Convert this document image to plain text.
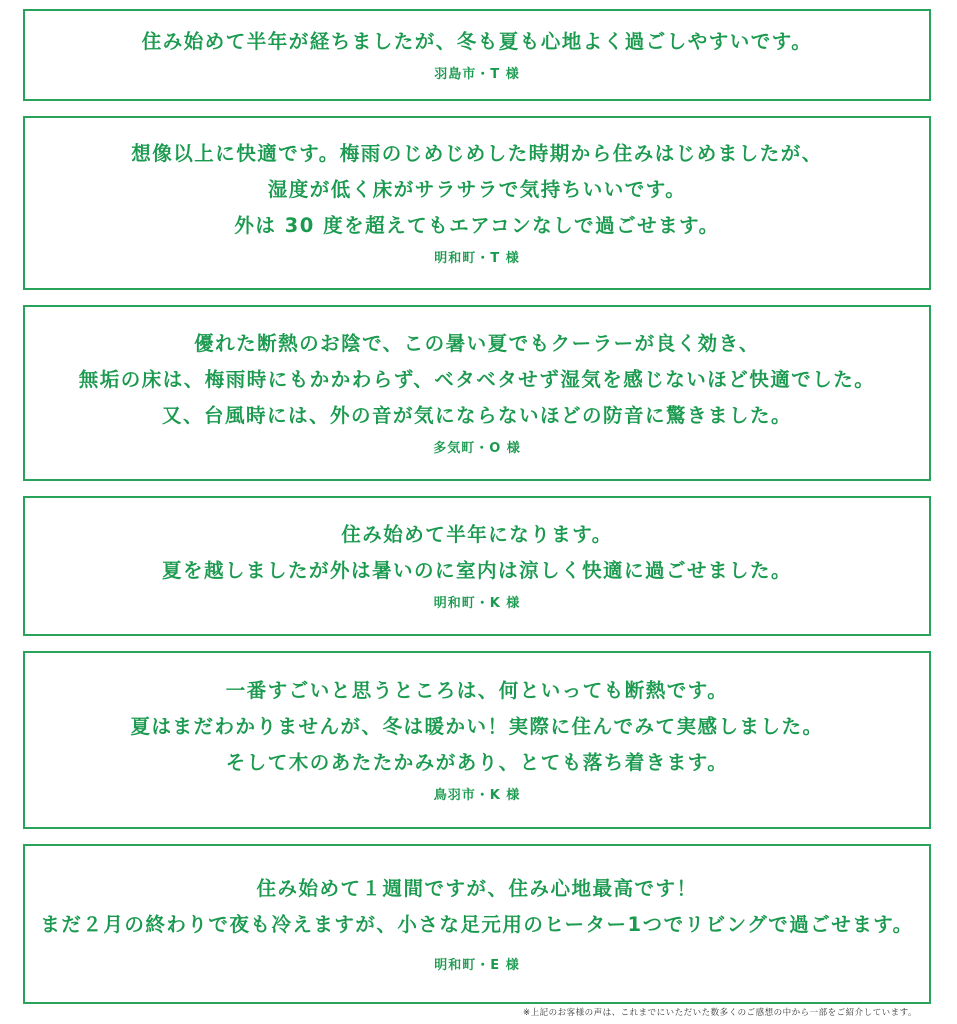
住み始めて半年が経ちましたが、冬も夏も心地よく過ごしやすいです。
羽島市・T 様
想像以上に快適です。梅雨のじめじめした時期から住みはじめましたが、
湿度が低く床がサラサラで気持ちいいです。
外は 30 度を超えてもエアコンなしで過ごせます。
明和町・T 様
優れた断熱のお陰で、この暑い夏でもクーラーが良く効き、
無垢の床は、梅雨時にもかかわらず、ベタベタせず湿気を感じないほど快適でした。
又、台風時には、外の音が気にならないほどの防音に驚きました。
多気町・O 様
住み始めて半年になります。
夏を越しましたが外は暑いのに室内は涼しく快適に過ごせました。
明和町・K 様
一番すごいと思うところは、何といっても断熱です。
夏はまだわかりませんが、冬は暖かい！実際に住んでみて実感しました。
そして木のあたたかみがあり、とても落ち着きます。
鳥羽市・K 様
住み始めて１週間ですが、住み心地最高です！
まだ２月の終わりで夜も冷えますが、小さな足元用のヒーター1つでリビングで過ごせます。
明和町・E 様
※上記のお客様の声は、これまでにいただいた数多くのご感想の中から一部をご紹介しています。
